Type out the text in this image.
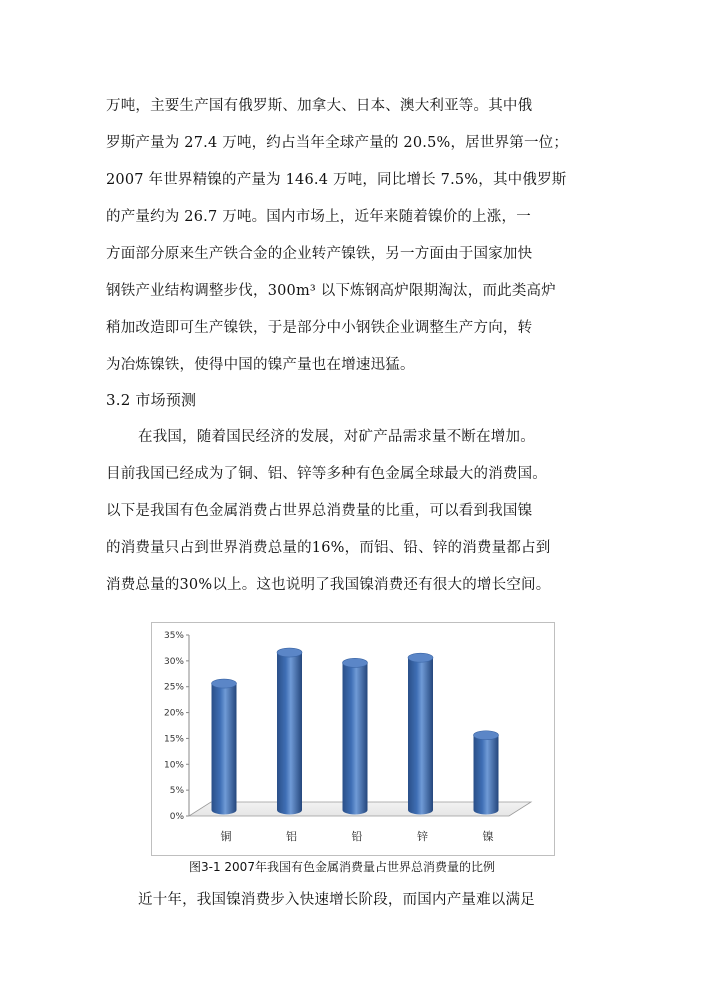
万吨，主要生产国有俄罗斯、加拿大、日本、澳大利亚等。其中俄
罗斯产量为 27.4 万吨，约占当年全球产量的 20.5%，居世界第一位；
2007 年世界精镍的产量为 146.4 万吨，同比增长 7.5%，其中俄罗斯
的产量约为 26.7 万吨。国内市场上，近年来随着镍价的上涨，一
方面部分原来生产铁合金的企业转产镍铁，另一方面由于国家加快
钢铁产业结构调整步伐，300m³ 以下炼钢高炉限期淘汰，而此类高炉
稍加改造即可生产镍铁，于是部分中小钢铁企业调整生产方向，转
为冶炼镍铁，使得中国的镍产量也在增速迅猛。
3.2 市场预测
在我国，随着国民经济的发展，对矿产品需求量不断在增加。
目前我国已经成为了铜、铝、锌等多种有色金属全球最大的消费国。
以下是我国有色金属消费占世界总消费量的比重，可以看到我国镍
的消费量只占到世界消费总量的16%，而铝、铅、锌的消费量都占到
消费总量的30%以上。这也说明了我国镍消费还有很大的增长空间。
0%
5%
10%
15%
20%
25%
30%
35%
铜	铝	铅	锌	镍
图3-1 2007年我国有色金属消费量占世界总消费量的比例
近十年，我国镍消费步入快速增长阶段，而国内产量难以满足
